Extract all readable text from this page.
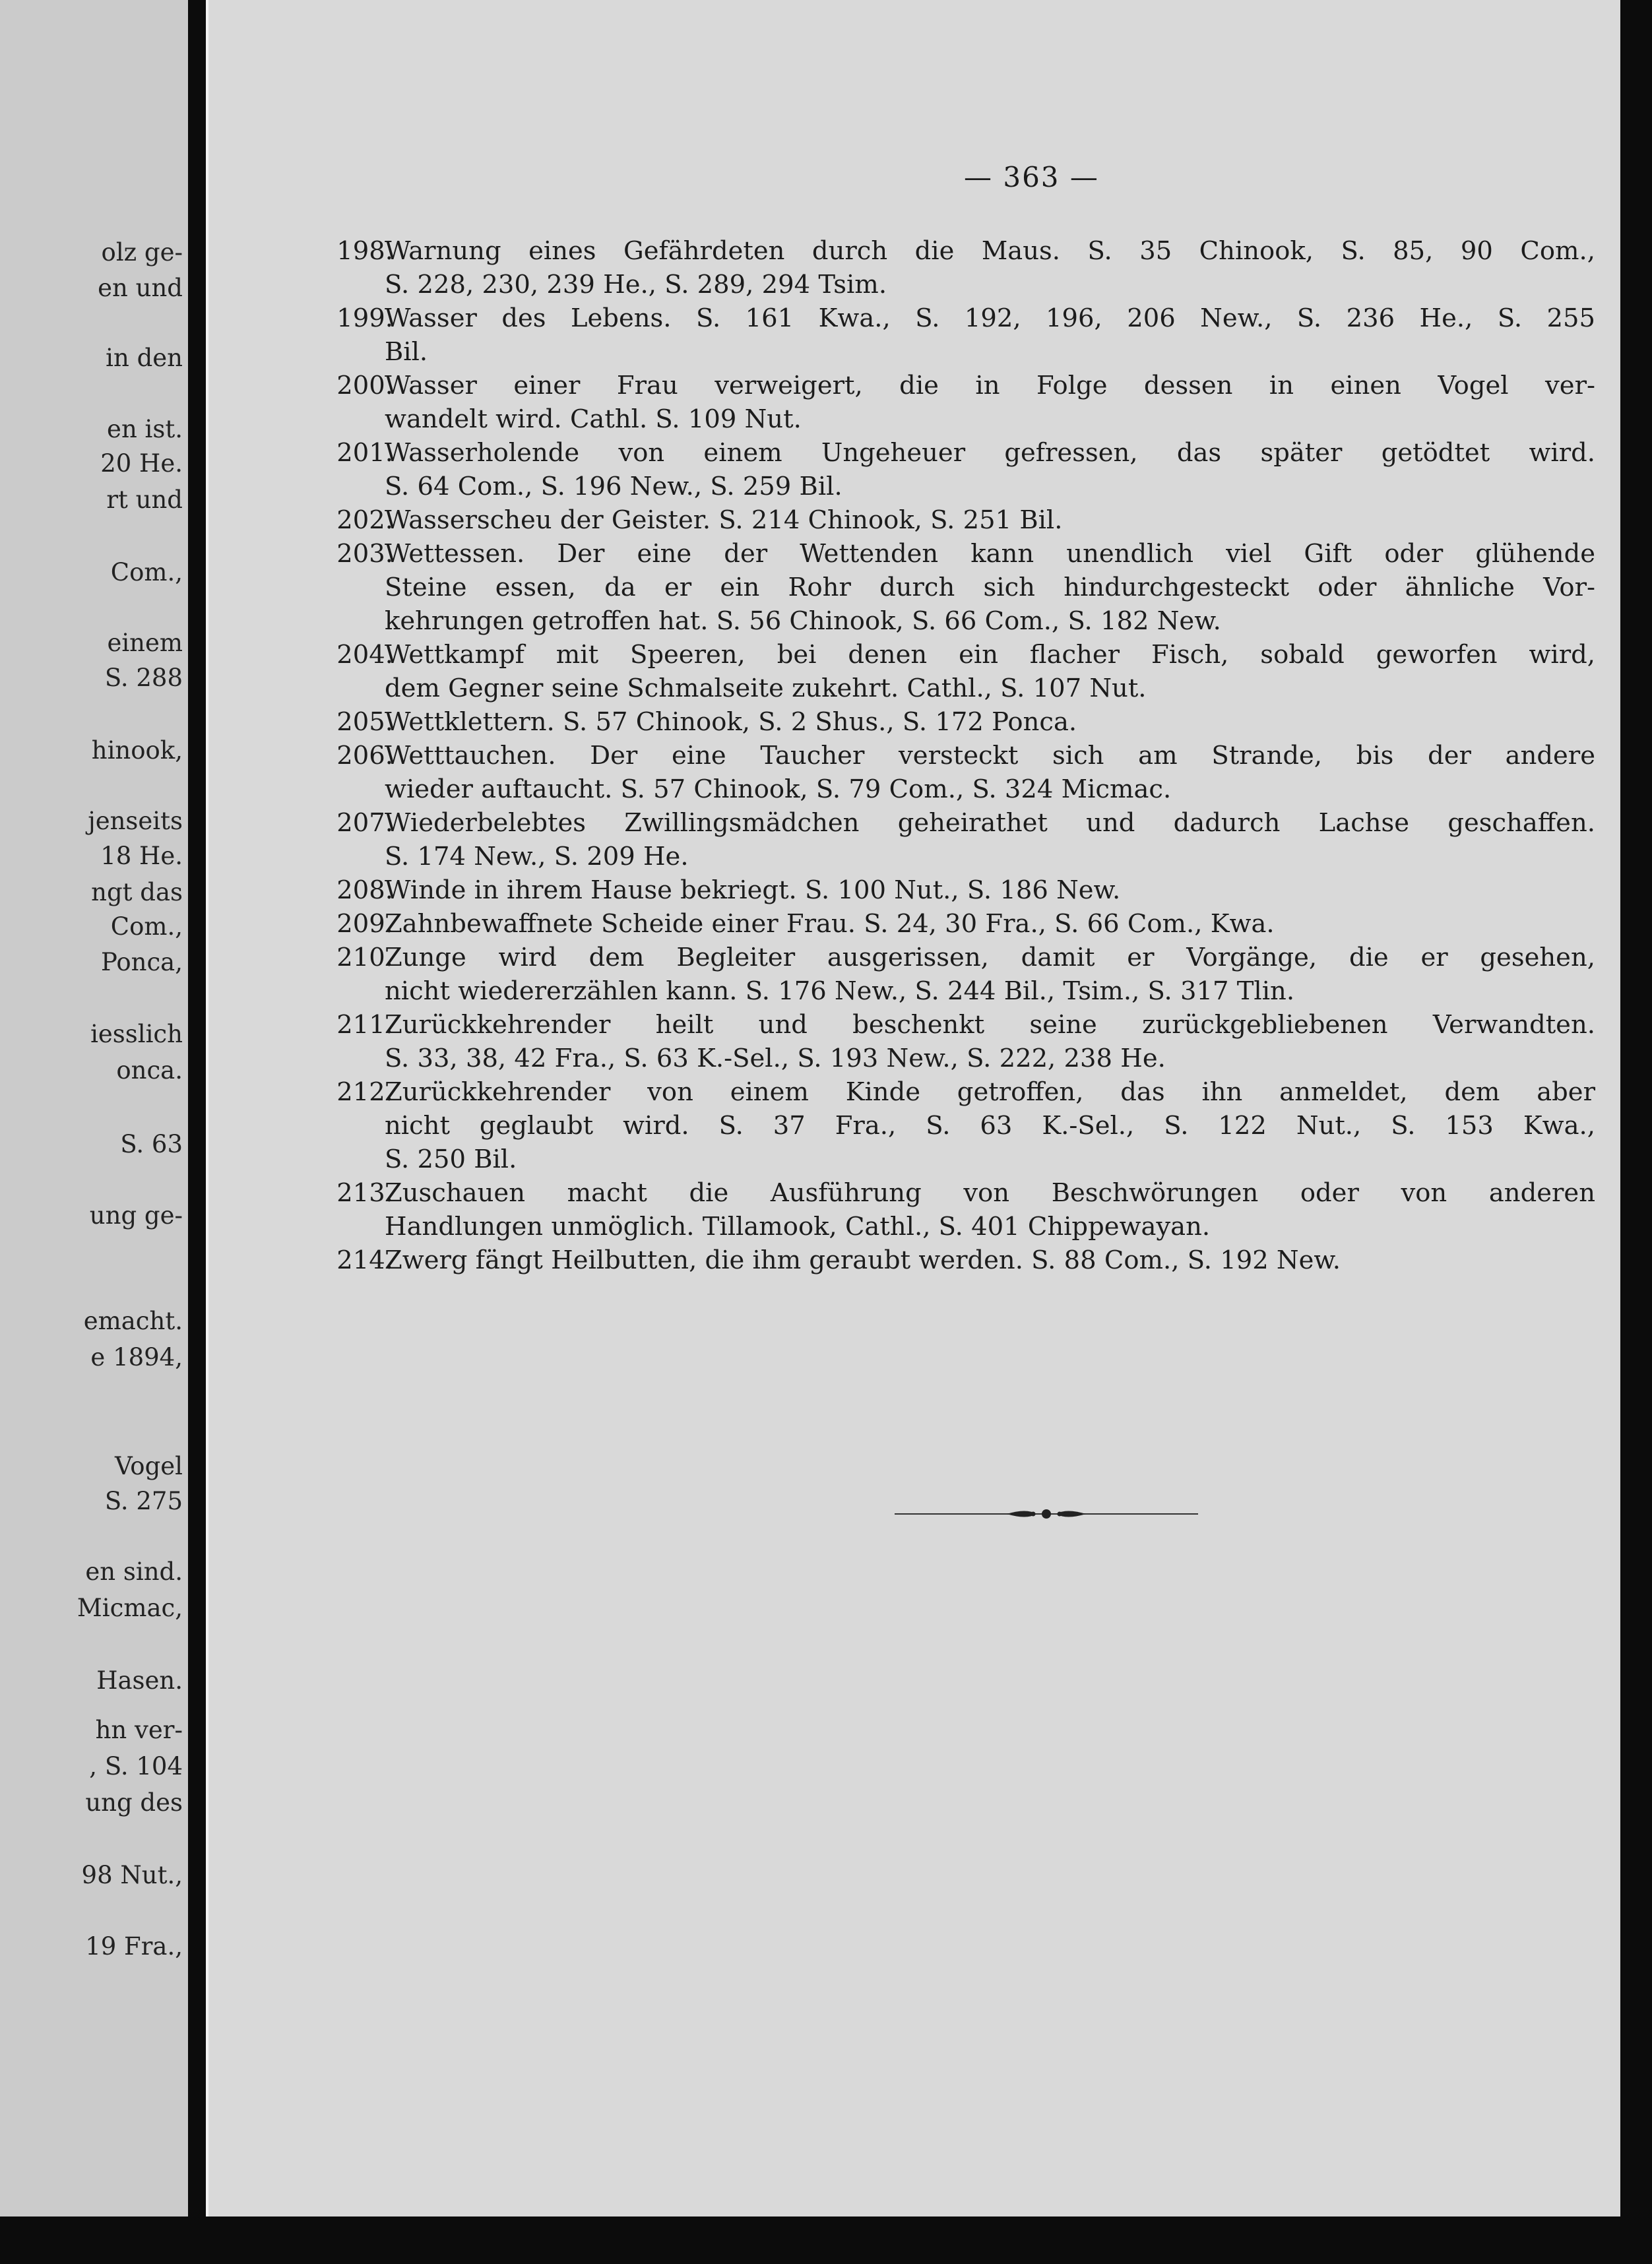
olz ge-
en und
in den
en ist.
20 He.
rt und
Com.,
einem
S. 288
hinook,
jenseits
18 He.
ngt das
Com.,
Ponca,
iesslich
onca.
S. 63
ung ge-
emacht.
e 1894,
Vogel
S. 275
en sind.
Micmac,
Hasen.
hn ver-
, S. 104
ung des
98 Nut.,
19 Fra.,
— 363 —
198.
Warnung eines Gefährdeten durch die Maus. S. 35 Chinook, S. 85, 90 Com.,
S. 228, 230, 239 He., S. 289, 294 Tsim.
199.
Wasser des Lebens. S. 161 Kwa., S. 192, 196, 206 New., S. 236 He., S. 255
Bil.
200.
Wasser einer Frau verweigert, die in Folge dessen in einen Vogel ver-
wandelt wird. Cathl. S. 109 Nut.
201.
Wasserholende von einem Ungeheuer gefressen, das später getödtet wird.
S. 64 Com., S. 196 New., S. 259 Bil.
202.
Wasserscheu der Geister. S. 214 Chinook, S. 251 Bil.
203.
Wettessen. Der eine der Wettenden kann unendlich viel Gift oder glühende
Steine essen, da er ein Rohr durch sich hindurchgesteckt oder ähnliche Vor-
kehrungen getroffen hat. S. 56 Chinook, S. 66 Com., S. 182 New.
204.
Wettkampf mit Speeren, bei denen ein flacher Fisch, sobald geworfen wird,
dem Gegner seine Schmalseite zukehrt. Cathl., S. 107 Nut.
205.
Wettklettern. S. 57 Chinook, S. 2 Shus., S. 172 Ponca.
206.
Wetttauchen. Der eine Taucher versteckt sich am Strande, bis der andere
wieder auftaucht. S. 57 Chinook, S. 79 Com., S. 324 Micmac.
207.
Wiederbelebtes Zwillingsmädchen geheirathet und dadurch Lachse geschaffen.
S. 174 New., S. 209 He.
208.
Winde in ihrem Hause bekriegt. S. 100 Nut., S. 186 New.
209.
Zahnbewaffnete Scheide einer Frau. S. 24, 30 Fra., S. 66 Com., Kwa.
210.
Zunge wird dem Begleiter ausgerissen, damit er Vorgänge, die er gesehen,
nicht wiedererzählen kann. S. 176 New., S. 244 Bil., Tsim., S. 317 Tlin.
211.
Zurückkehrender heilt und beschenkt seine zurückgebliebenen Verwandten.
S. 33, 38, 42 Fra., S. 63 K.-Sel., S. 193 New., S. 222, 238 He.
212.
Zurückkehrender von einem Kinde getroffen, das ihn anmeldet, dem aber
nicht geglaubt wird. S. 37 Fra., S. 63 K.-Sel., S. 122 Nut., S. 153 Kwa.,
S. 250 Bil.
213.
Zuschauen macht die Ausführung von Beschwörungen oder von anderen
Handlungen unmöglich. Tillamook, Cathl., S. 401 Chippewayan.
214.
Zwerg fängt Heilbutten, die ihm geraubt werden. S. 88 Com., S. 192 New.
